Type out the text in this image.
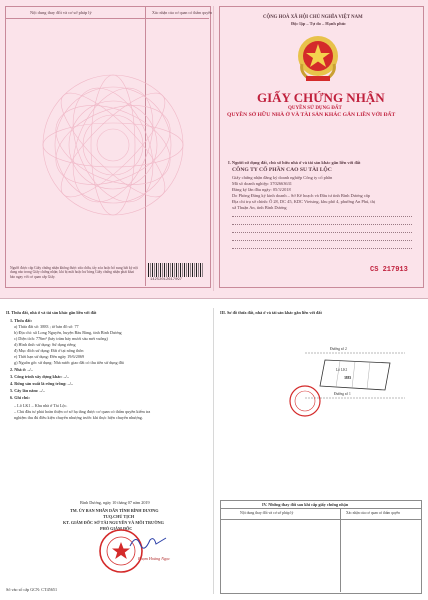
Nội dung thay đổi và cơ sở pháp lý	Xác nhận của cơ quan có thẩm quyền
Người được cấp Giấy chứng nhận không được sửa chữa, tẩy xóa hoặc bổ sung bất kỳ nội dung nào trong Giấy chứng nhận; khi bị mất hoặc hư hỏng Giấy chứng nhận phải khai báo ngay với cơ quan cấp Giấy.
14252012617097
CỘNG HOÀ XÃ HỘI CHỦ NGHĨA VIỆT NAM
Độc lập – Tự do – Hạnh phúc
GIẤY CHỨNG NHẬN
QUYỀN SỬ DỤNG ĐẤT
QUYỀN SỞ HỮU NHÀ Ở VÀ TÀI SẢN KHÁC GẮN LIỀN VỚI ĐẤT
I. Người sử dụng đất, chủ sở hữu nhà ở và tài sản khác gắn liền với đất
CÔNG TY CỔ PHẦN CAO SU TÀI LỘC
Giấy chứng nhận đăng ký doanh nghiệp Công ty cổ phần
Mã số doanh nghiệp: 3702663631
Đăng ký lần đầu ngày: 05/3/2018
Do Phòng Đăng ký kinh doanh – Sở Kế hoạch và Đầu tư tỉnh Bình Dương cấp
Địa chỉ trụ sở chính: Ô 28, DC 45, KDC Vietsing, khu phố 4, phường An Phú, thị
xã Thuận An, tỉnh Bình Dương
CS 217913
II. Thửa đất, nhà ở và tài sản khác gắn liền với đất
1. Thửa đất:
a) Thửa đất số: 3883 ; tờ bản đồ số: 77
b) Địa chỉ: xã Long Nguyên, huyện Bàu Bàng, tỉnh Bình Dương
c) Diện tích: 776m² (bảy trăm bảy mươi sáu mét vuông)
d) Hình thức sử dụng: Sử dụng riêng
đ) Mục đích sử dụng: Đất ở tại nông thôn
e) Thời hạn sử dụng: Đến ngày 19/6/2069
g) Nguồn gốc sử dụng: Nhà nước giao đất có thu tiền sử dụng đất
2. Nhà ở: –/–
3. Công trình xây dựng khác: –/–
4. Rừng sản xuất là rừng trồng: –/–
5. Cây lâu năm: –/–
6. Ghi chú:
– Lô LK1 – Khu nhà ở Tài Lộc.
– Chủ đầu tư phải hoàn thiện cơ sở hạ tầng được cơ quan có thẩm quyền kiểm tra
nghiệm thu đủ điều kiện chuyển nhượng trước khi thực hiện chuyển nhượng.
Bình Dương, ngày 10 tháng 07 năm 2019
TM. ỦY BAN NHÂN DÂN TỈNH BÌNH DƯƠNG
TUQ.CHỦ TỊCH
KT. GIÁM ĐỐC SỞ TÀI NGUYÊN VÀ MÔI TRƯỜNG
PHÓ GIÁM ĐỐC
Phạm Hoàng Ngọc
Số vào sổ cấp GCN: CT45651
III. Sơ đồ thửa đất, nhà ở và tài sản khác gắn liền với đất
Đường số 2
Lô LK1
3883
Đường số 1
IV. Những thay đổi sau khi cấp giấy chứng nhận
Nội dung thay đổi và cơ sở pháp lý	Xác nhận của cơ quan có thẩm quyền
